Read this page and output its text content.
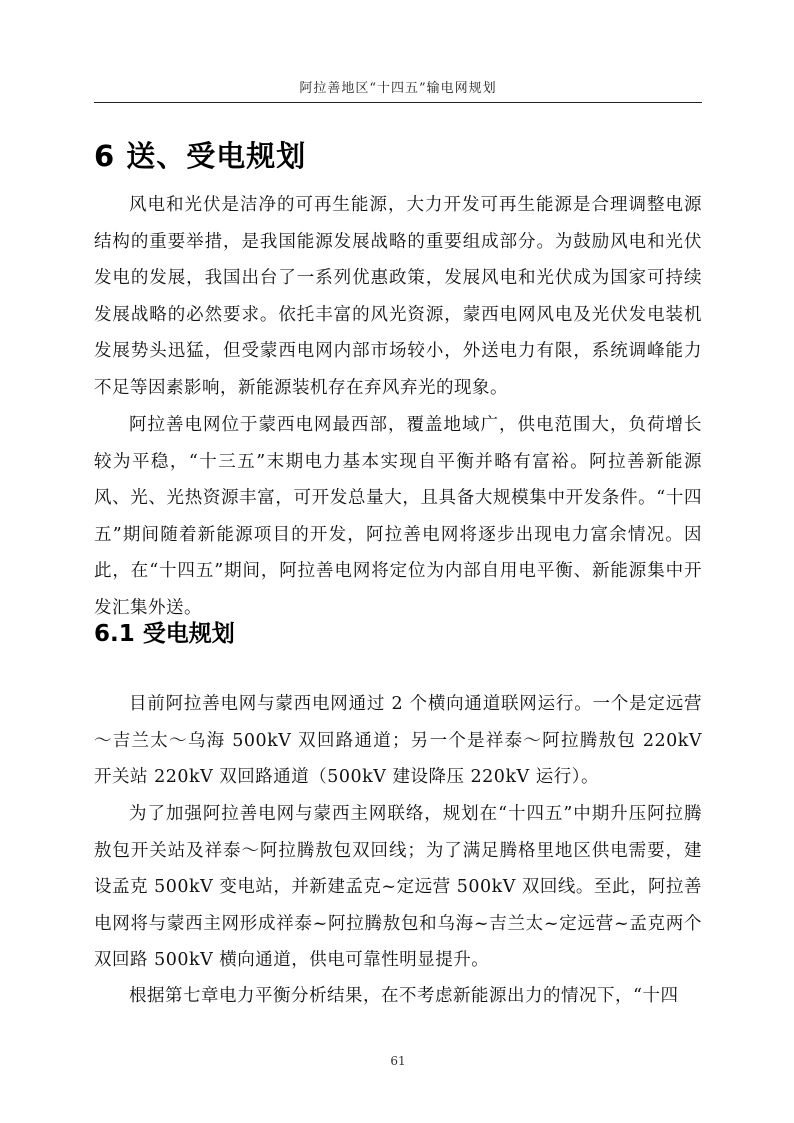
阿拉善地区“十四五”输电网规划
6 送、受电规划

风电和光伏是洁净的可再生能源，大力开发可再生能源是合理调整电源结构的重要举措，是我国能源发展战略的重要组成部分。为鼓励风电和光伏发电的发展，我国出台了一系列优惠政策，发展风电和光伏成为国家可持续发展战略的必然要求。依托丰富的风光资源，蒙西电网风电及光伏发电装机发展势头迅猛，但受蒙西电网内部市场较小，外送电力有限，系统调峰能力不足等因素影响，新能源装机存在弃风弃光的现象。

阿拉善电网位于蒙西电网最西部，覆盖地域广，供电范围大，负荷增长较为平稳，“十三五”末期电力基本实现自平衡并略有富裕。阿拉善新能源风、光、光热资源丰富，可开发总量大，且具备大规模集中开发条件。“十四五”期间随着新能源项目的开发，阿拉善电网将逐步出现电力富余情况。因此，在“十四五”期间，阿拉善电网将定位为内部自用电平衡、新能源集中开发汇集外送。

6.1 受电规划

目前阿拉善电网与蒙西电网通过 2 个横向通道联网运行。一个是定远营～吉兰太～乌海 500kV 双回路通道；另一个是祥泰～阿拉腾敖包 220kV 开关站 220kV 双回路通道（500kV 建设降压 220kV 运行）。

为了加强阿拉善电网与蒙西主网联络，规划在“十四五”中期升压阿拉腾敖包开关站及祥泰～阿拉腾敖包双回线；为了满足腾格里地区供电需要，建设孟克 500kV 变电站，并新建孟克~定远营 500kV 双回线。至此，阿拉善电网将与蒙西主网形成祥泰~阿拉腾敖包和乌海~吉兰太~定远营~孟克两个双回路 500kV 横向通道，供电可靠性明显提升。

根据第七章电力平衡分析结果，在不考虑新能源出力的情况下，“十四

61
